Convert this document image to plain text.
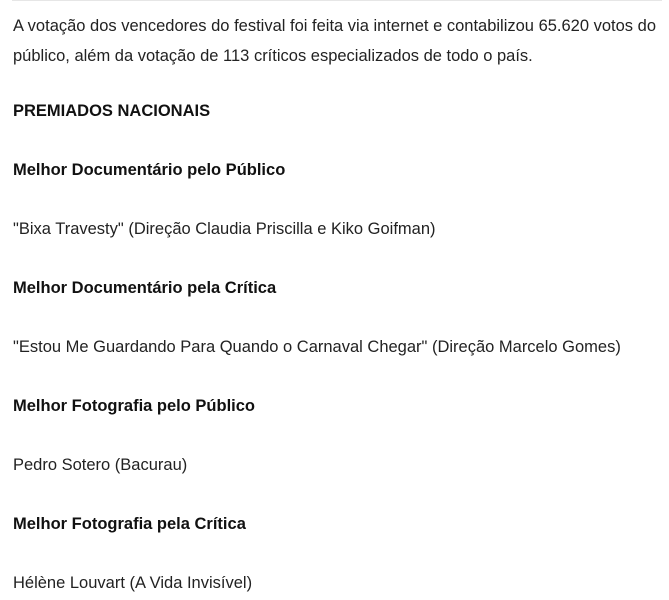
A votação dos vencedores do festival foi feita via internet e contabilizou 65.620 votos do público, além da votação de 113 críticos especializados de todo o país.

PREMIADOS NACIONAIS

Melhor Documentário pelo Público

"Bixa Travesty" (Direção Claudia Priscilla e Kiko Goifman)

Melhor Documentário pela Crítica

"Estou Me Guardando Para Quando o Carnaval Chegar" (Direção Marcelo Gomes)

Melhor Fotografia pelo Público

Pedro Sotero (Bacurau)

Melhor Fotografia pela Crítica

Hélène Louvart (A Vida Invisível)
